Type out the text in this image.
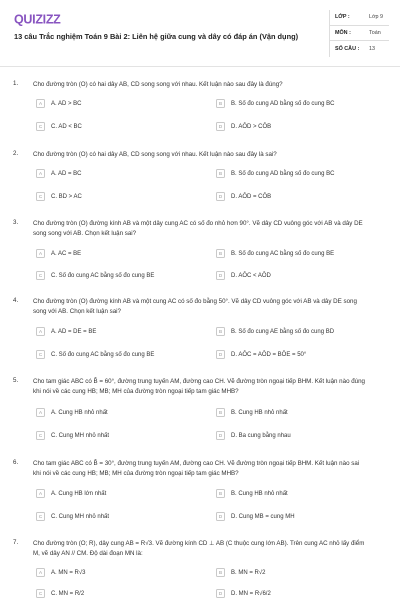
QUIZIZZ
13 câu Trắc nghiệm Toán 9 Bài 2: Liên hệ giữa cung và dây có đáp án (Vận dụng)
LỚP :	Lớp 9
MÔN :	Toán
SỐ CÂU : 13
1. Cho đường tròn (O) có hai dây AB, CD song song với nhau. Kết luận nào sau đây là đúng?
A	A. AD > BC	B	B. Số đo cung AD bằng số đo cung BC
C	C. AD < BC	D	D. AÔD > CÔB
2. Cho đường tròn (O) có hai dây AB, CD song song với nhau. Kết luận nào sau đây là sai?
A	A. AD = BC	B	B. Số đo cung AD bằng số đo cung BC
C	C. BD > AC	D	D. AÔD = CÔB
3. Cho đường tròn (O) đường kính AB và một dây cung AC có số đo nhỏ hơn 90°. Vẽ dây CD vuông góc với AB và dây DE song song với AB. Chọn kết luận sai?
A	A. AC = BE	B	B. Số đo cung AC bằng số đo cung BE
C	C. Số đo cung AC bằng số đo cung BE	D	D. AÔC < AÔD
4. Cho đường tròn (O) đường kính AB và một cung AC có số đo bằng 50°. Vẽ dây CD vuông góc với AB và dây DE song song với AB. Chọn kết luận sai?
A	A. AD = DE = BE	B	B. Số đo cung AE bằng số đo cung BD
C	C. Số đo cung AC bằng số đo cung BE	D	D. AÔC = AÔD = BÔE = 50°
5. Cho tam giác ABC có B̂ = 60°, đường trung tuyến AM, đường cao CH. Vẽ đường tròn ngoại tiếp BHM. Kết luận nào đúng khi nói về các cung HB; MB; MH của đường tròn ngoại tiếp tam giác MHB?
A	A. Cung HB nhỏ nhất	B	B. Cung HB nhỏ nhất
C	C. Cung MH nhỏ nhất	D	D. Ba cung bằng nhau
6. Cho tam giác ABC có B̂ = 30°, đường trung tuyến AM, đường cao CH. Vẽ đường tròn ngoại tiếp BHM. Kết luận nào sai khi nói về các cung HB; MB; MH của đường tròn ngoại tiếp tam giác MHB?
A	A. Cung HB lớn nhất	B	B. Cung HB nhỏ nhất
C	C. Cung MH nhỏ nhất	D	D. Cung MB = cung MH
7. Cho đường tròn (O; R), dây cung AB = R√3. Vẽ đường kính CD ⊥ AB (C thuộc cung lớn AB). Trên cung AC nhỏ lấy điểm M, vẽ dây AN // CM. Độ dài đoạn MN là:
A	A. MN = R√3	B	B. MN = R√2
C	C. MN = R/2	D	D. MN = R√6/2
